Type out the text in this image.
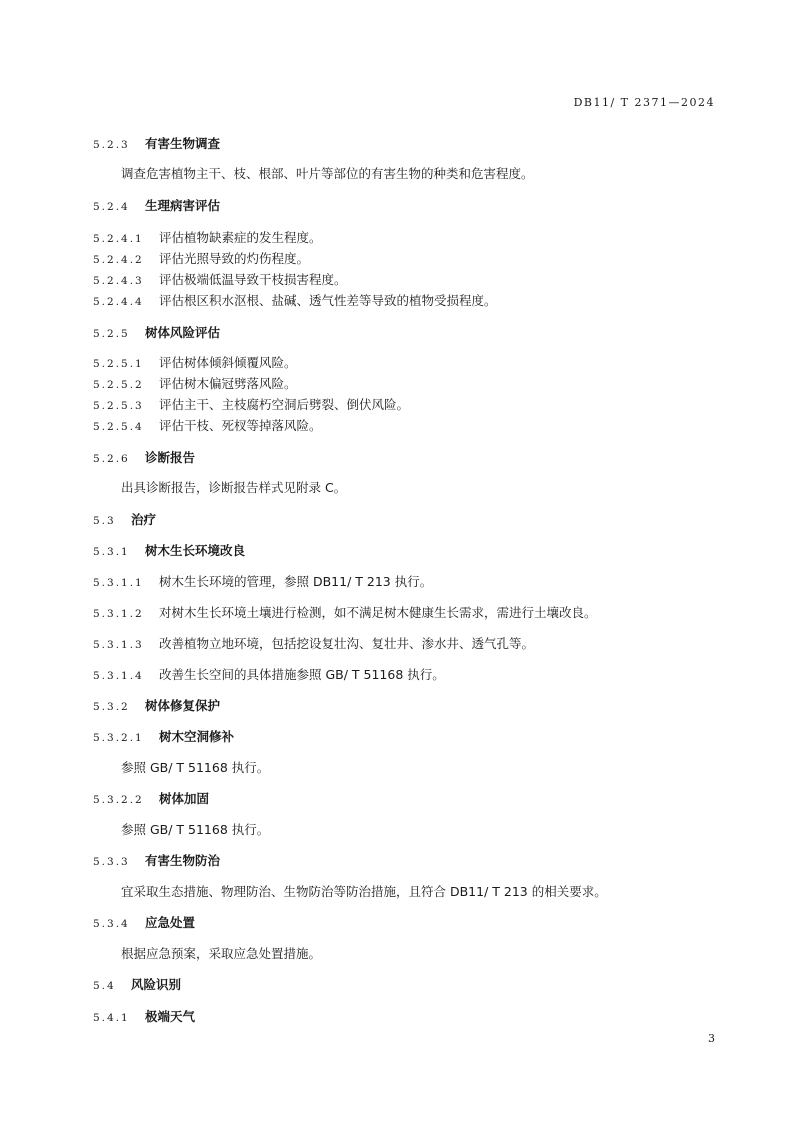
DB11/ T 2371—2024
5.2.3 有害生物调查
调查危害植物主干、枝、根部、叶片等部位的有害生物的种类和危害程度。
5.2.4 生理病害评估
5.2.4.1 评估植物缺素症的发生程度。
5.2.4.2 评估光照导致的灼伤程度。
5.2.4.3 评估极端低温导致干枝损害程度。
5.2.4.4 评估根区积水沤根、盐碱、透气性差等导致的植物受损程度。
5.2.5 树体风险评估
5.2.5.1 评估树体倾斜倾覆风险。
5.2.5.2 评估树木偏冠劈落风险。
5.2.5.3 评估主干、主枝腐朽空洞后劈裂、倒伏风险。
5.2.5.4 评估干枝、死杈等掉落风险。
5.2.6 诊断报告
出具诊断报告，诊断报告样式见附录 C。
5.3 治疗
5.3.1 树木生长环境改良
5.3.1.1 树木生长环境的管理，参照 DB11/ T 213 执行。
5.3.1.2 对树木生长环境土壤进行检测，如不满足树木健康生长需求，需进行土壤改良。
5.3.1.3 改善植物立地环境，包括挖设复壮沟、复壮井、渗水井、透气孔等。
5.3.1.4 改善生长空间的具体措施参照 GB/ T 51168 执行。
5.3.2 树体修复保护
5.3.2.1 树木空洞修补
参照 GB/ T 51168 执行。
5.3.2.2 树体加固
参照 GB/ T 51168 执行。
5.3.3 有害生物防治
宜采取生态措施、物理防治、生物防治等防治措施，且符合 DB11/ T 213 的相关要求。
5.3.4 应急处置
根据应急预案，采取应急处置措施。
5.4 风险识别
5.4.1 极端天气
3
